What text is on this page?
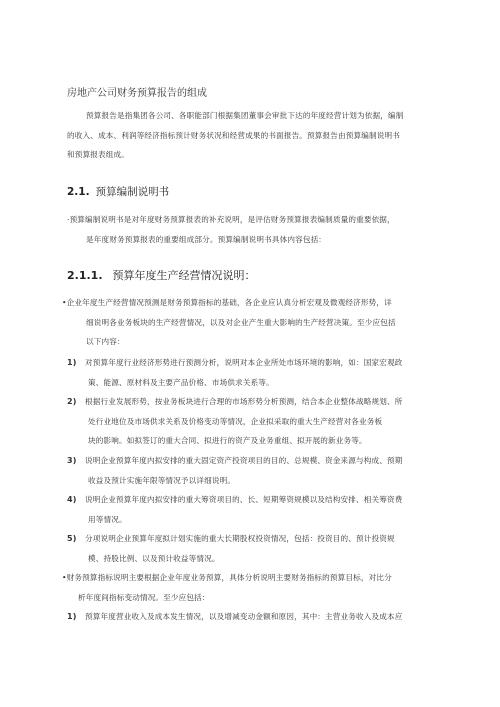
房地产公司财务预算报告的组成
预算报告是指集团各公司、各职能部门根据集团董事会审批下达的年度经营计划为依据，编制
的收入、成本、利润等经济指标预计财务状况和经营成果的书面报告。预算报告由预算编制说明书
和预算报表组成。
2.1. 预算编制说明书
·预算编制说明书是对年度财务预算报表的补充说明，是评估财务预算报表编制质量的重要依据，
是年度财务预算报表的重要组成部分。预算编制说明书具体内容包括：
2.1.1. 预算年度生产经营情况说明：
•企业年度生产经营情况预测是财务预算指标的基础，各企业应认真分析宏观及微观经济形势，详
细说明各业务板块的生产经营情况，以及对企业产生重大影响的生产经营决策。至少应包括
以下内容：
1) 对预算年度行业经济形势进行预测分析，说明对本企业所处市场环境的影响，如：国家宏观政
策、能源、原材料及主要产品价格、市场供求关系等。
2) 根据行业发展形势，按业务板块进行合理的市场形势分析预测，结合本企业整体战略规划、所
处行业地位及市场供求关系及价格变动等情况，企业拟采取的重大生产经营对各业务板
块的影响。如拟签订的重大合同、拟进行的资产及业务重组、拟开展的新业务等。
3) 说明企业预算年度内拟安排的重大固定资产投资项目的目的、总规模、资金来源与构成、预期
收益及预计实施年限等情况予以详细说明。
4) 说明企业预算年度内拟安排的重大筹资项目的、长、短期筹资规模以及结构安排、相关筹资费
用等情况。
5) 分项说明企业预算年度拟计划实施的重大长期股权投资情况，包括：投资目的、预计投资规
模、持股比例、以及预计收益等情况。
•财务预算指标说明主要根据企业年度业务预算，具体分析说明主要财务指标的预算目标，对比分
析年度间指标变动情况。至少应包括：
1) 预算年度营业收入及成本发生情况，以及增减变动金额和原因，其中：主营业务收入及成本应
